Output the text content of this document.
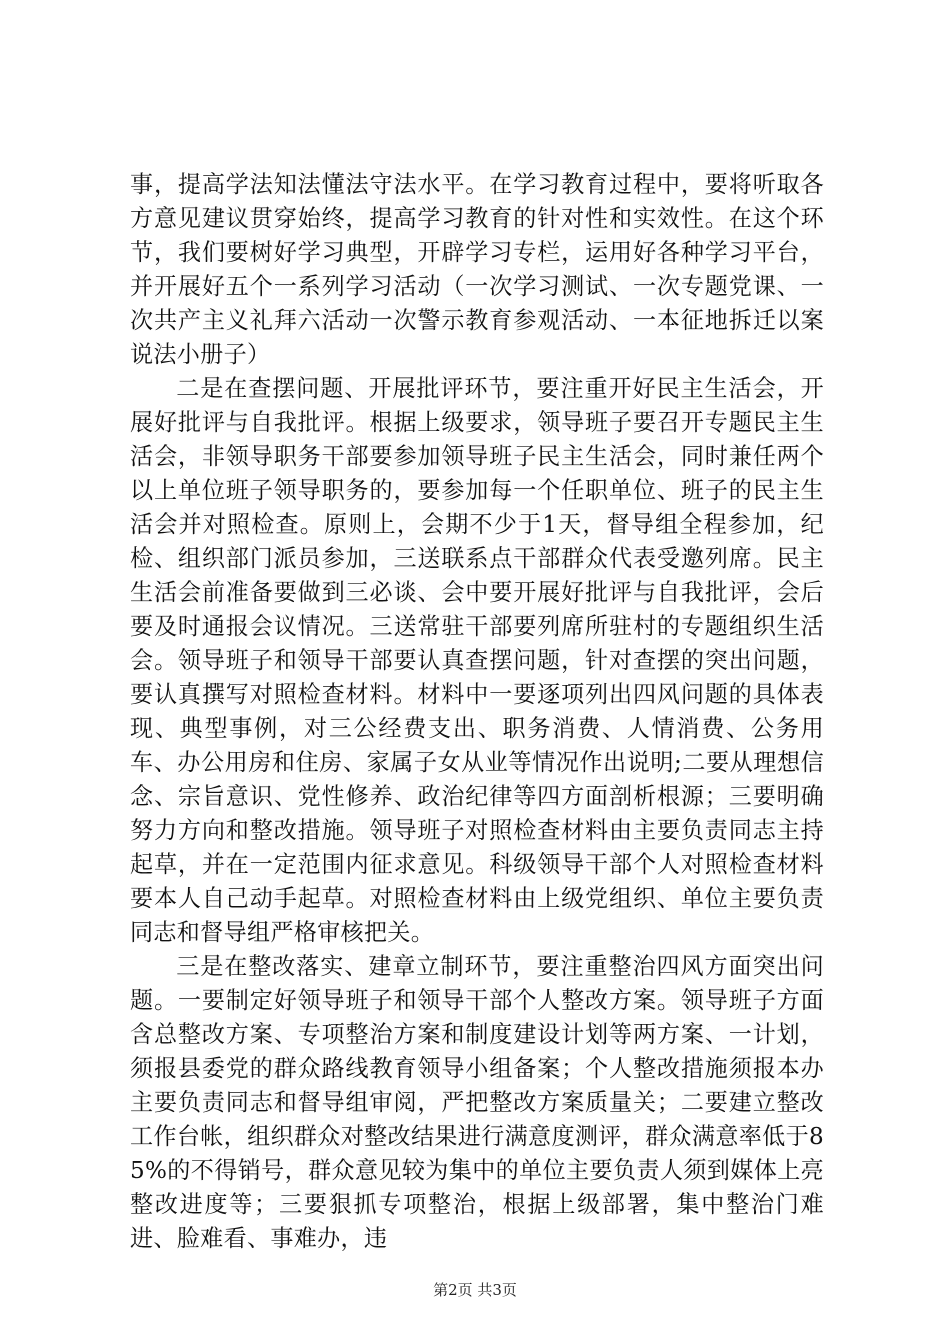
事，提高学法知法懂法守法水平。在学习教育过程中，要将听取各方意见建议贯穿始终，提高学习教育的针对性和实效性。在这个环节，我们要树好学习典型，开辟学习专栏，运用好各种学习平台，并开展好五个一系列学习活动（一次学习测试、一次专题党课、一次共产主义礼拜六活动一次警示教育参观活动、一本征地拆迁以案说法小册子）

二是在查摆问题、开展批评环节，要注重开好民主生活会，开展好批评与自我批评。根据上级要求，领导班子要召开专题民主生活会，非领导职务干部要参加领导班子民主生活会，同时兼任两个以上单位班子领导职务的，要参加每一个任职单位、班子的民主生活会并对照检查。原则上，会期不少于1天，督导组全程参加，纪检、组织部门派员参加，三送联系点干部群众代表受邀列席。民主生活会前准备要做到三必谈、会中要开展好批评与自我批评，会后要及时通报会议情况。三送常驻干部要列席所驻村的专题组织生活会。领导班子和领导干部要认真查摆问题，针对查摆的突出问题，要认真撰写对照检查材料。材料中一要逐项列出四风问题的具体表现、典型事例，对三公经费支出、职务消费、人情消费、公务用车、办公用房和住房、家属子女从业等情况作出说明;二要从理想信念、宗旨意识、党性修养、政治纪律等四方面剖析根源；三要明确努力方向和整改措施。领导班子对照检查材料由主要负责同志主持起草，并在一定范围内征求意见。科级领导干部个人对照检查材料要本人自己动手起草。对照检查材料由上级党组织、单位主要负责同志和督导组严格审核把关。

三是在整改落实、建章立制环节，要注重整治四风方面突出问题。一要制定好领导班子和领导干部个人整改方案。领导班子方面含总整改方案、专项整治方案和制度建设计划等两方案、一计划，须报县委党的群众路线教育领导小组备案；个人整改措施须报本办主要负责同志和督导组审阅，严把整改方案质量关；二要建立整改工作台帐，组织群众对整改结果进行满意度测评，群众满意率低于85%的不得销号，群众意见较为集中的单位主要负责人须到媒体上亮整改进度等；三要狠抓专项整治，根据上级部署，集中整治门难进、脸难看、事难办，违

第2页 共3页
